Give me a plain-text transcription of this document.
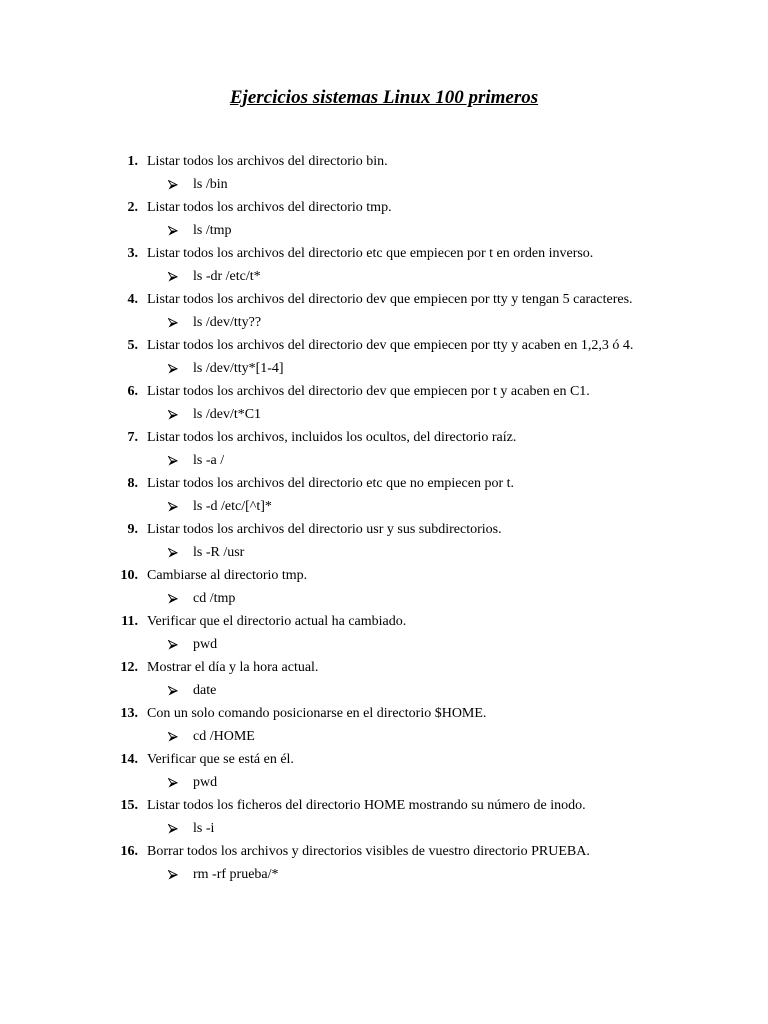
Ejercicios sistemas Linux 100 primeros
1. Listar todos los archivos del directorio bin.
ls /bin
2. Listar todos los archivos del directorio tmp.
ls /tmp
3. Listar todos los archivos del directorio etc que empiecen por t en orden inverso.
ls -dr /etc/t*
4. Listar todos los archivos del directorio dev que empiecen por tty y tengan 5 caracteres.
ls /dev/tty??
5. Listar todos los archivos del directorio dev que empiecen por tty y acaben en 1,2,3 ó 4.
ls /dev/tty*[1-4]
6. Listar todos los archivos del directorio dev que empiecen por t y acaben en C1.
ls /dev/t*C1
7. Listar todos los archivos, incluidos los ocultos, del directorio raíz.
ls -a /
8. Listar todos los archivos del directorio etc que no empiecen por t.
ls -d /etc/[^t]*
9. Listar todos los archivos del directorio usr y sus subdirectorios.
ls -R /usr
10. Cambiarse al directorio tmp.
cd /tmp
11. Verificar que el directorio actual ha cambiado.
pwd
12. Mostrar el día y la hora actual.
date
13. Con un solo comando posicionarse en el directorio $HOME.
cd /HOME
14. Verificar que se está en él.
pwd
15. Listar todos los ficheros del directorio HOME mostrando su número de inodo.
ls -i
16. Borrar todos los archivos y directorios visibles de vuestro directorio PRUEBA.
rm -rf prueba/*
